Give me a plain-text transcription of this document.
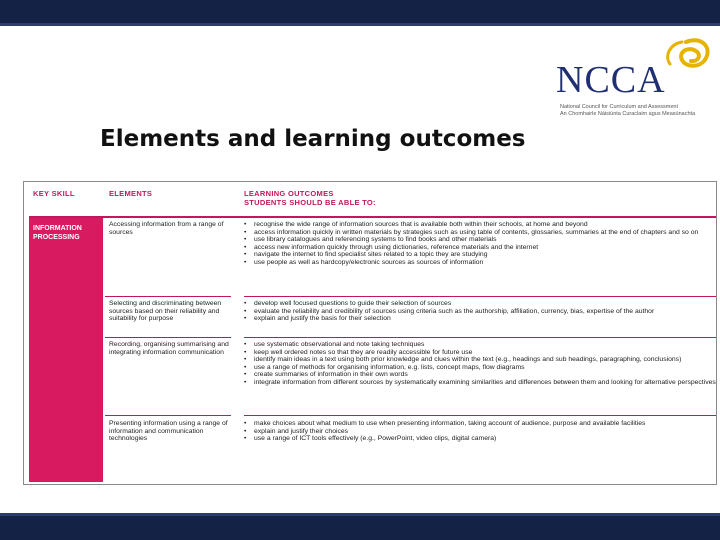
NCCA
National Council for Curriculum and Assessment
An Chomhairle Náisiúnta Curaclaim agus Measúnachta
Elements and learning outcomes
KEY SKILL	ELEMENTS	LEARNING OUTCOMES
STUDENTS SHOULD BE ABLE TO:
INFORMATION
PROCESSING
Accessing information from a range of sources
• recognise the wide range of information sources that is available both within their schools, at home and beyond
• access information quickly in written materials by strategies such as using table of contents, glossaries, summaries at the end of chapters and so on
• use library catalogues and referencing systems to find books and other materials
• access new information quickly through using dictionaries, reference materials and the internet
• navigate the internet to find specialist sites related to a topic they are studying
• use people as well as hardcopy/electronic sources as sources of information
Selecting and discriminating between sources based on their reliability and suitability for purpose
• develop well focused questions to guide their selection of sources
• evaluate the reliability and credibility of sources using criteria such as the authorship, affiliation, currency, bias, expertise of the author
• explain and justify the basis for their selection
Recording, organising summarising and integrating information communication
• use systematic observational and note taking techniques
• keep well ordered notes so that they are readily accessible for future use
• identify main ideas in a text using both prior knowledge and clues within the text (e.g., headings and sub headings, paragraphing, conclusions)
• use a range of methods for organising information, e.g. lists, concept maps, flow diagrams
• create summaries of information in their own words
• integrate information from different sources by systematically examining similarities and differences between them and looking for alternative perspectives
Presenting information using a range of information and communication technologies
• make choices about what medium to use when presenting information, taking account of audience, purpose and available facilities
• explain and justify their choices
• use a range of ICT tools effectively (e.g., PowerPoint, video clips, digital camera)
